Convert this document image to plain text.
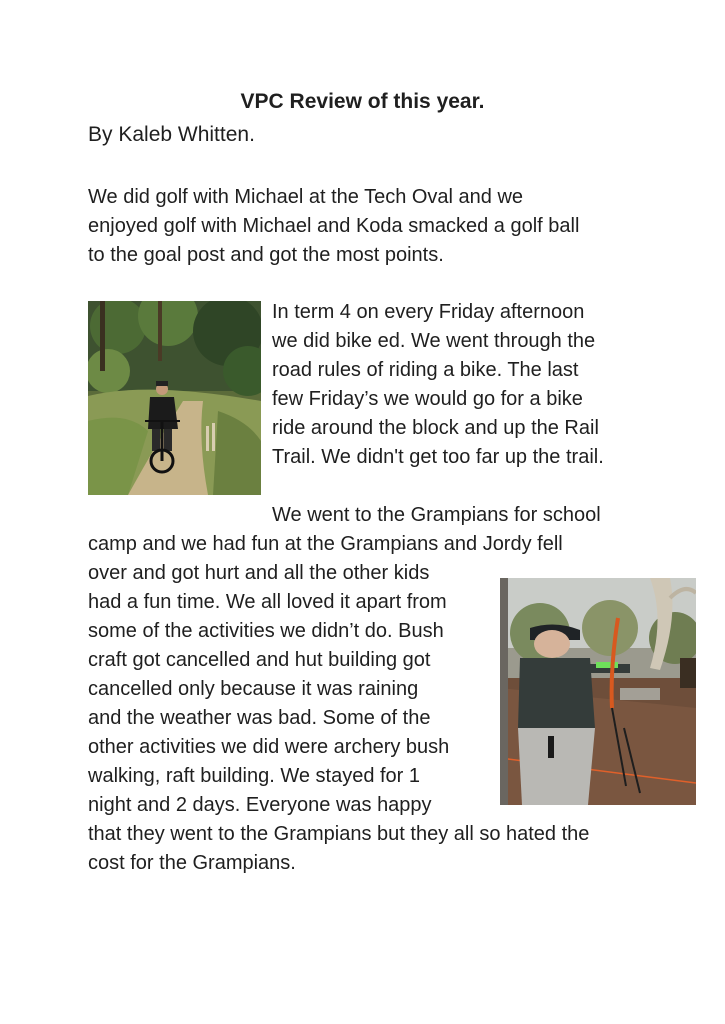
VPC Review of this year.
By Kaleb Whitten.
We did golf with Michael at the Tech Oval and we
enjoyed golf with Michael and Koda smacked a golf ball
to the goal post and got the most points.
In term 4 on every Friday afternoon
we did bike ed. We went through the
road rules of riding a bike. The last
few Friday’s we would go for a bike
ride around the block and up the Rail
Trail. We didn't get too far up the trail.
We went to the Grampians for school
camp and we had fun at the Grampians and Jordy fell
over and got hurt and all the other kids
had a fun time. We all loved it apart from
some of the activities we didn’t do. Bush
craft got cancelled and hut building got
cancelled only because it was raining
and the weather was bad. Some of the
other activities we did were archery bush
walking, raft building. We stayed for 1
night and 2 days. Everyone was happy
that they went to the Grampians but they all so hated the
cost for the Grampians.
